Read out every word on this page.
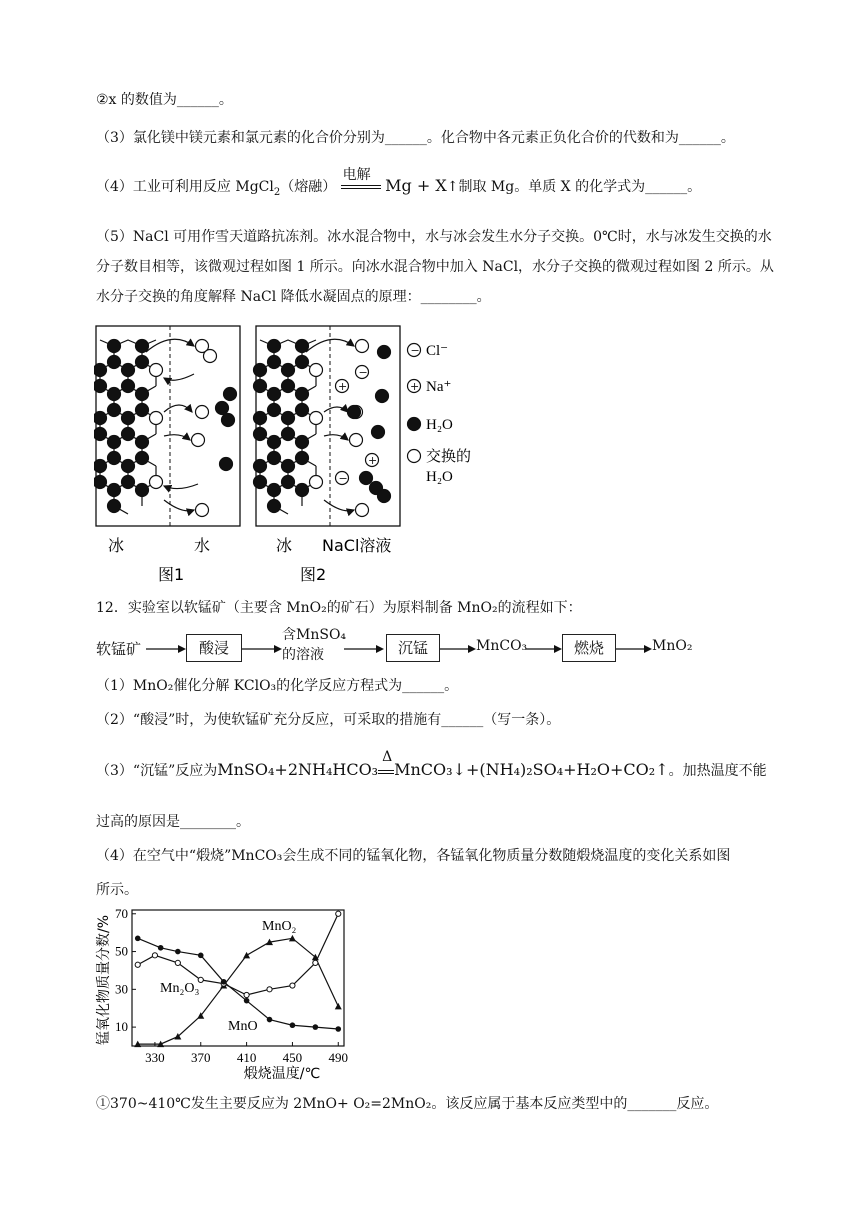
②x 的数值为______。
（3）氯化镁中镁元素和氯元素的化合价分别为______。化合物中各元素正负化合价的代数和为______。
（4）工业可利用反应 MgCl$_2$（熔融）
电解
Mg + X↑制取 Mg。单质 X 的化学式为______。
（5）NaCl 可用作雪天道路抗冻剂。冰水混合物中，水与冰会发生水分子交换。0℃时，水与冰发生交换的水分子数目相等，该微观过程如图 1 所示。向冰水混合物中加入 NaCl，水分子交换的微观过程如图 2 所示。从水分子交换的角度解释 NaCl 降低水凝固点的原理：________。
−
+
+
−
−
+
Cl⁻
Na⁺
H₂O
交换的
H₂O
冰	水	冰 NaCl溶液
图1	图2
12．实验室以软锰矿（主要含 MnO₂的矿石）为原料制备 MnO₂的流程如下：
软锰矿	酸浸
含MnSO₄
的溶液	沉锰	MnCO₃	燃烧	MnO₂
（1）MnO₂催化分解 KClO₃的化学反应方程式为______。
（2）“酸浸”时，为使软锰矿充分反应，可采取的措施有______（写一条）。
（3）“沉锰”反应为MnSO₄+2NH₄HCO₃
Δ
MnCO₃↓+(NH₄)₂SO₄+H₂O+CO₂↑。加热温度不能
过高的原因是________。
（4）在空气中“煅烧”MnCO₃会生成不同的锰氧化物，各锰氧化物质量分数随煅烧温度的变化关系如图
所示。
锰氧化物质量分数/%
煅烧温度/℃
330 370 410 450 490
10
30
50
70
MnO₂
Mn₂O₃
MnO
①370~410℃发生主要反应为 2MnO+ O₂=2MnO₂。该反应属于基本反应类型中的_______反应。
